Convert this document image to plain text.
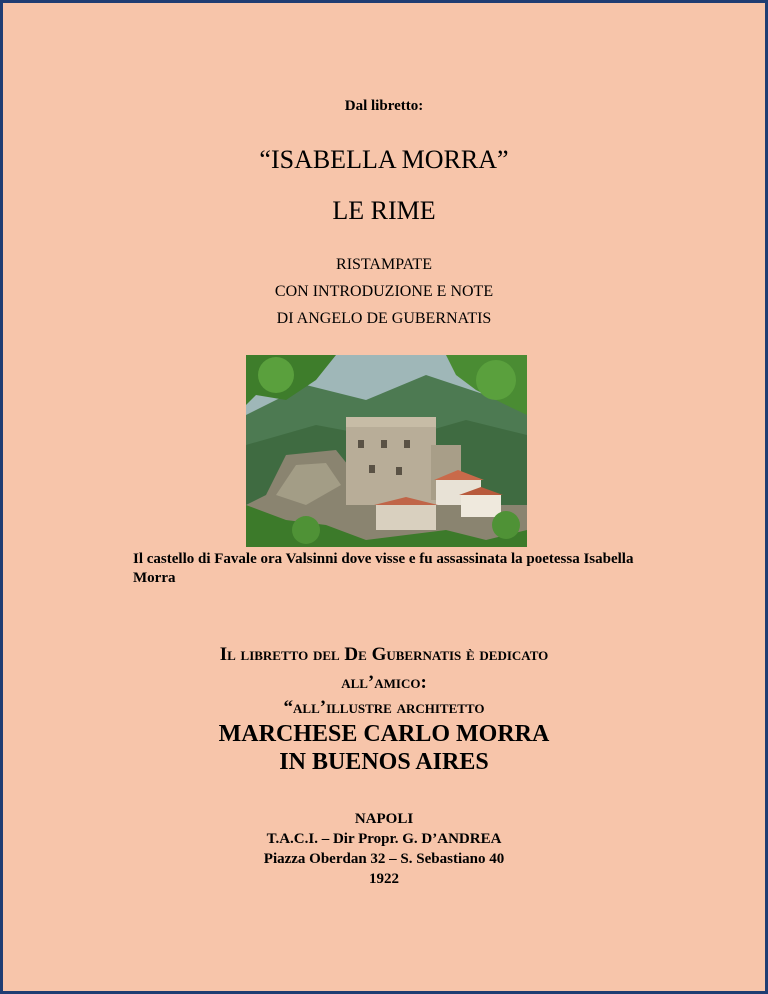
Dal libretto:
“ISABELLA MORRA”
LE RIME
RISTAMPATE
CON INTRODUZIONE E NOTE
DI ANGELO DE GUBERNATIS
Il castello di Favale ora Valsinni dove visse e fu assassinata la poetessa Isabella Morra
Il libretto del De Gubernatis è dedicato
all’amico:
“all’illustre architetto
MARCHESE CARLO MORRA
IN BUENOS AIRES
NAPOLI
T.A.C.I. – Dir Propr. G. D’ANDREA
Piazza Oberdan 32 – S. Sebastiano 40
1922
